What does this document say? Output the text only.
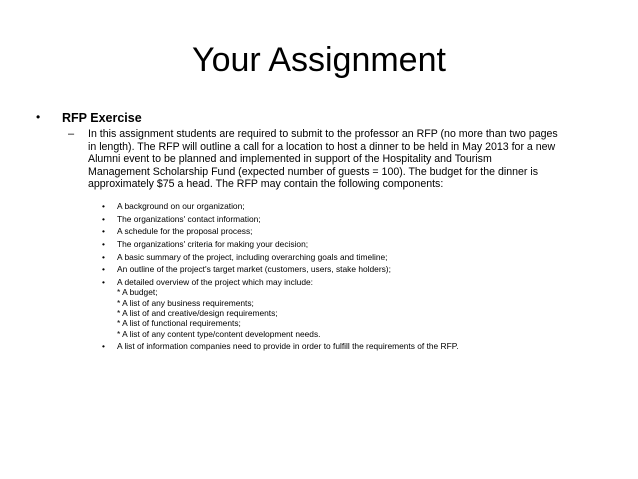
Your Assignment
• RFP Exercise
– In this assignment students are required to submit to the professor an RFP (no more than two pages
in length). The RFP will outline a call for a location to host a dinner to be held in May 2013 for a new
Alumni event to be planned and implemented in support of the Hospitality and Tourism
Management Scholarship Fund (expected number of guests = 100). The budget for the dinner is
approximately $75 a head. The RFP may contain the following components:
• A background on our organization;
• The organizations' contact information;
• A schedule for the proposal process;
• The organizations' criteria for making your decision;
• A basic summary of the project, including overarching goals and timeline;
• An outline of the project's target market (customers, users, stake holders);
• A detailed overview of the project which may include:
* A budget;
* A list of any business requirements;
* A list of and creative/design requirements;
* A list of functional requirements;
* A list of any content type/content development needs.
• A list of information companies need to provide in order to fulfill the requirements of the RFP.
